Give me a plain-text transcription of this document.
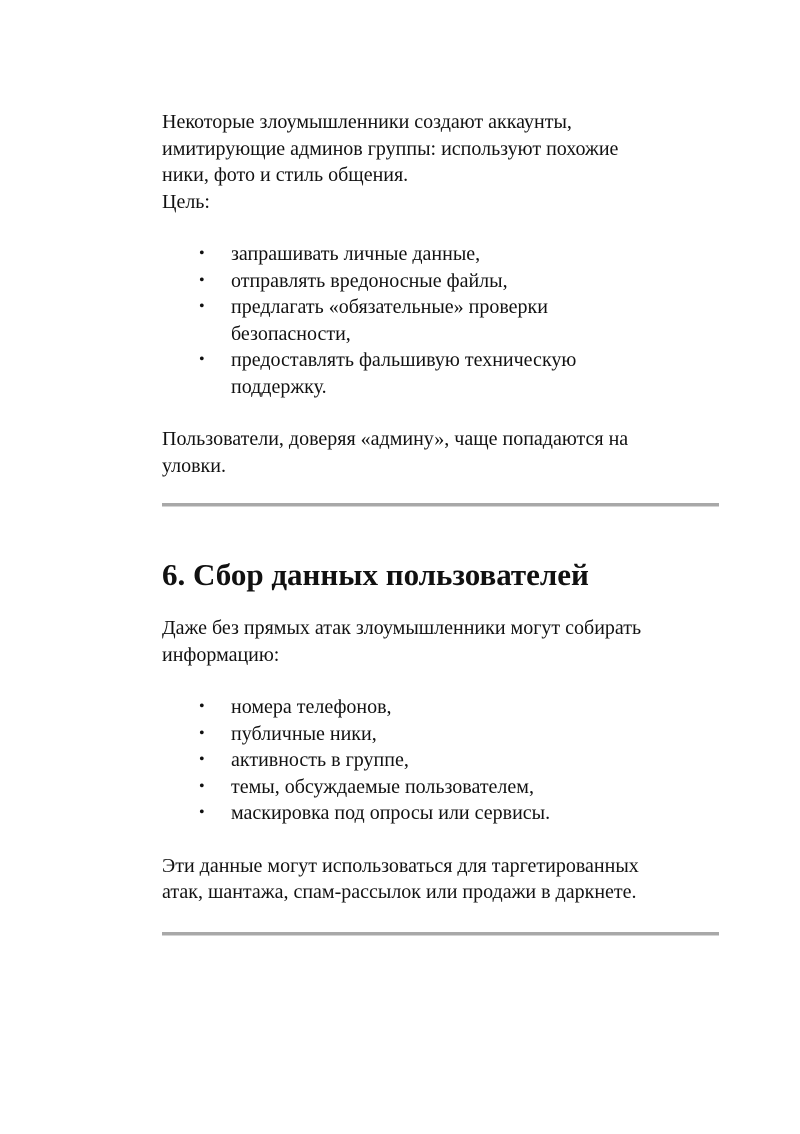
Некоторые злоумышленники создают аккаунты,
имитирующие админов группы: используют похожие
ники, фото и стиль общения.
Цель:

• запрашивать личные данные,
• отправлять вредоносные файлы,
• предлагать «обязательные» проверки
безопасности,
• предоставлять фальшивую техническую
поддержку.

Пользователи, доверяя «админу», чаще попадаются на
уловки.

6. Сбор данных пользователей

Даже без прямых атак злоумышленники могут собирать
информацию:

• номера телефонов,
• публичные ники,
• активность в группе,
• темы, обсуждаемые пользователем,
• маскировка под опросы или сервисы.

Эти данные могут использоваться для таргетированных
атак, шантажа, спам-рассылок или продажи в даркнете.
